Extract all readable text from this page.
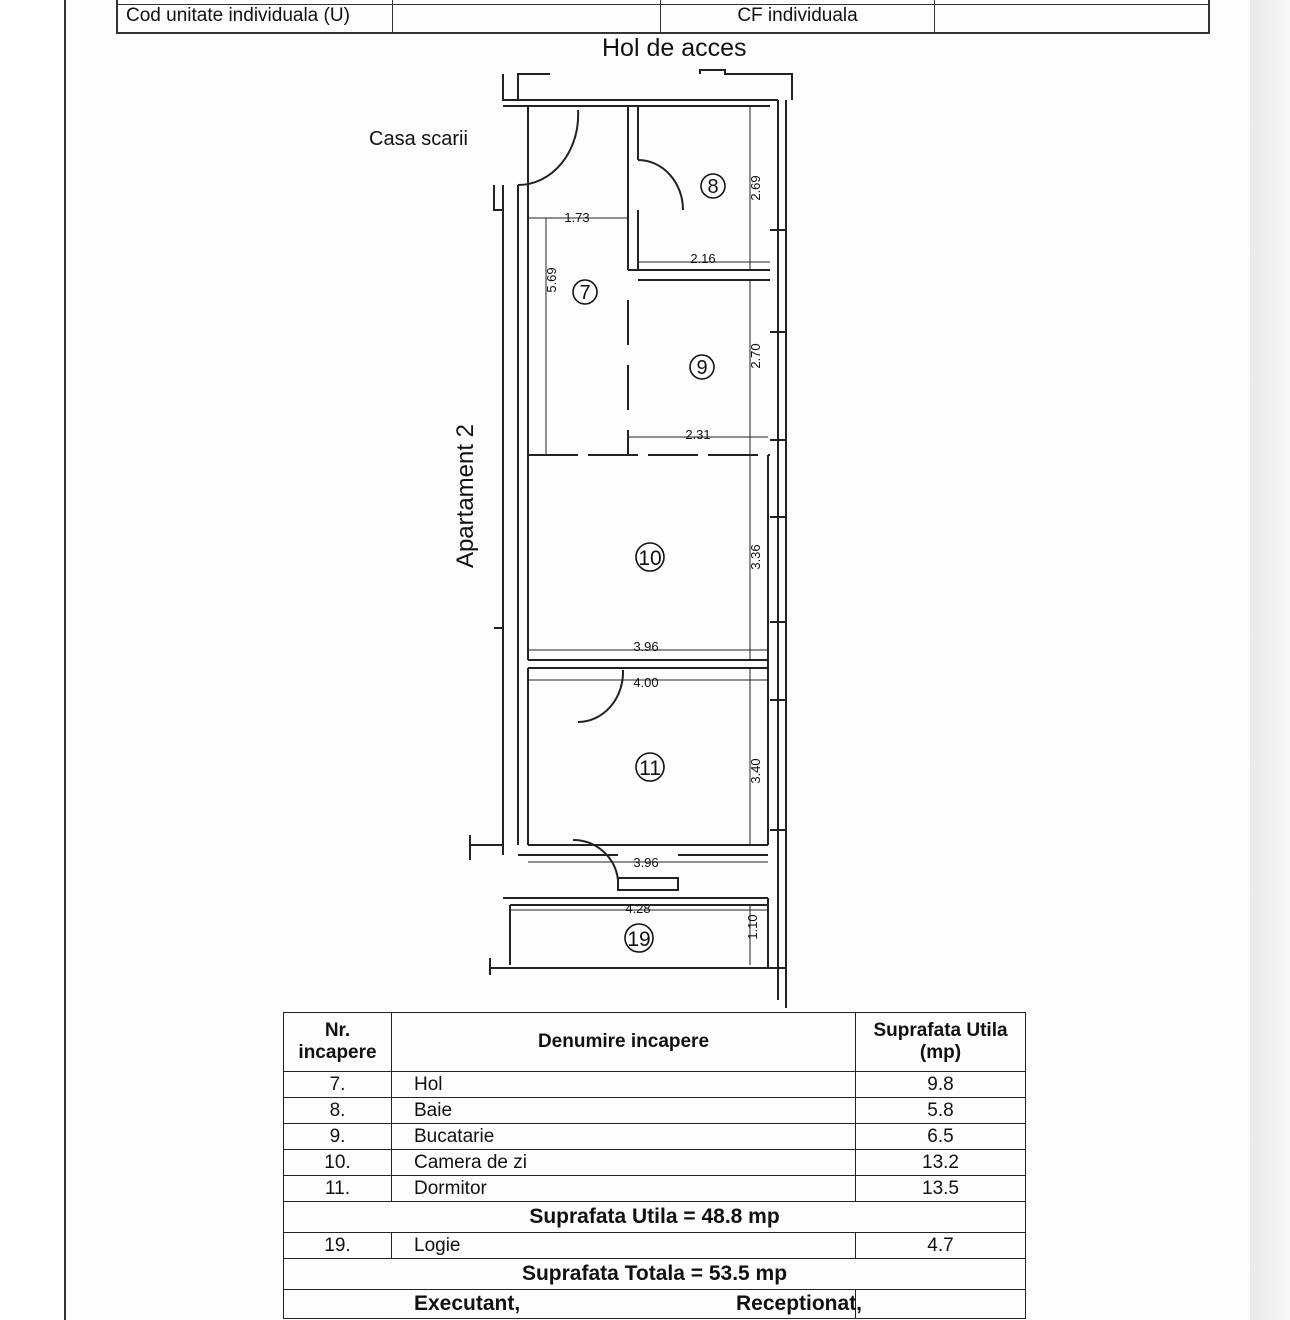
Cod unitate individuala (U)	CF individuala
8
7
9
10
11
19
1.73
5.69
2.69
2.16
2.70
2.31
3.36
3.96
4.00
3.40
3.96
4.28
1.10
Hol de acces
Casa scarii
Apartament 2
Nr. incapere	Denumire incapere	Suprafata Utila (mp)
7.	Hol	9.8
8.	Baie	5.8
9.	Bucatarie	6.5
10.	Camera de zi	13.2
11.	Dormitor	13.5
Suprafata Utila = 48.8 mp		
19.	Logie	4.7
Suprafata Totala = 53.5 mp		
Executant,		Receptionat,
